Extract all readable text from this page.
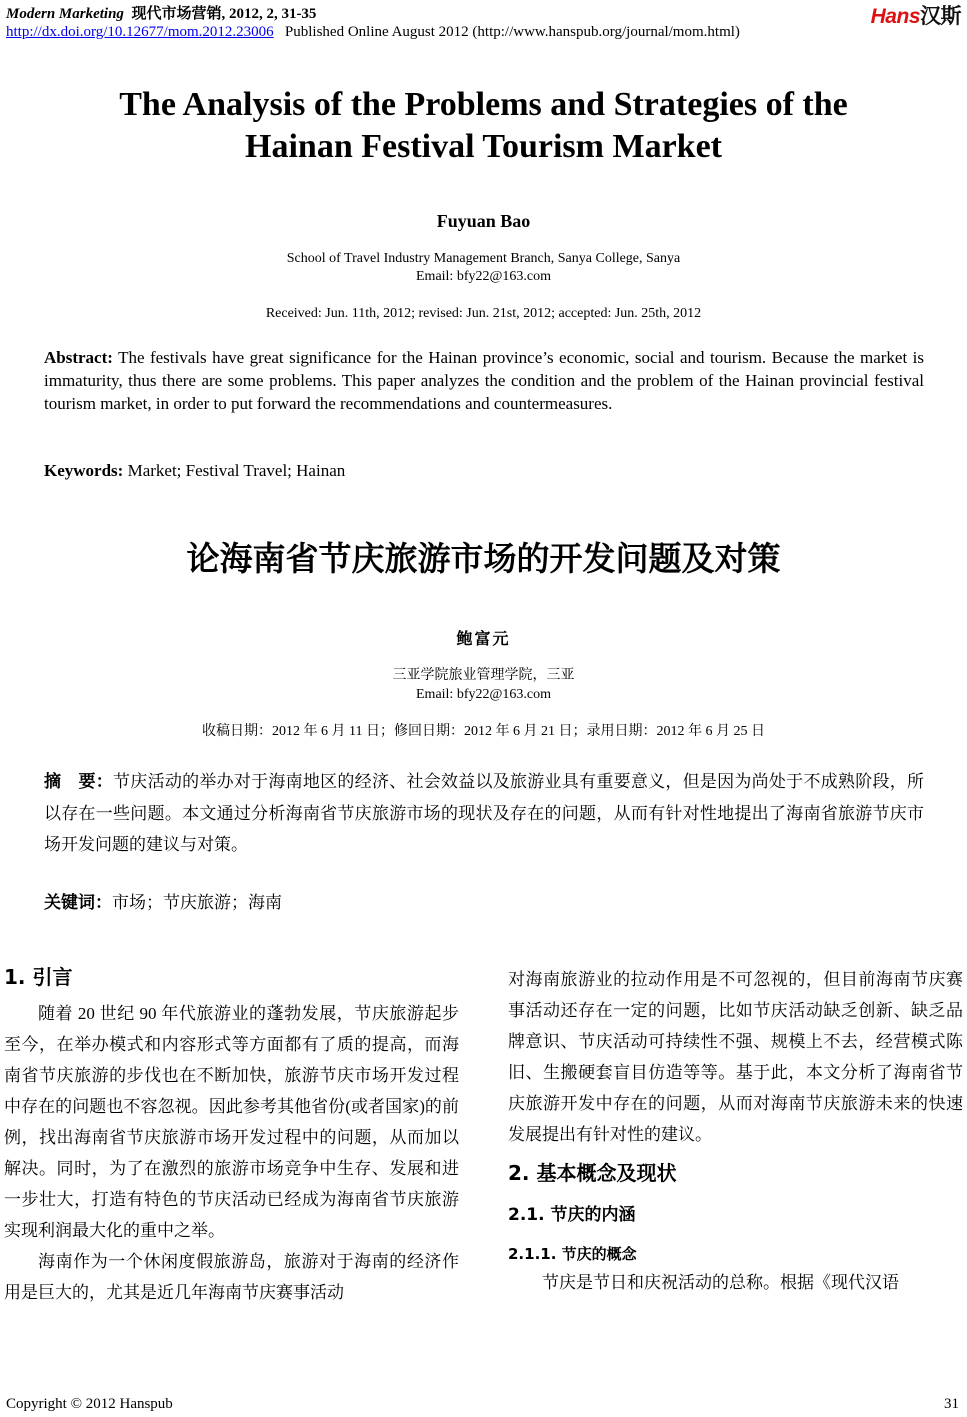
Modern Marketing 现代市场营销, 2012, 2, 31-35
http://dx.doi.org/10.12677/mom.2012.23006 Published Online August 2012 (http://www.hanspub.org/journal/mom.html)
Hans汉斯
The Analysis of the Problems and Strategies of the
Hainan Festival Tourism Market
Fuyuan Bao
School of Travel Industry Management Branch, Sanya College, Sanya
Email: bfy22@163.com
Received: Jun. 11th, 2012; revised: Jun. 21st, 2012; accepted: Jun. 25th, 2012
Abstract: The festivals have great significance for the Hainan province’s economic, social and tourism. Because the market is immaturity, thus there are some problems. This paper analyzes the condition and the problem of the Hainan provincial festival tourism market, in order to put forward the recommendations and countermeasures.
Keywords: Market; Festival Travel; Hainan
论海南省节庆旅游市场的开发问题及对策
鲍富元
三亚学院旅业管理学院，三亚
Email: bfy22@163.com
收稿日期：2012 年 6 月 11 日；修回日期：2012 年 6 月 21 日；录用日期：2012 年 6 月 25 日
摘　要：节庆活动的举办对于海南地区的经济、社会效益以及旅游业具有重要意义，但是因为尚处于不成熟阶段，所以存在一些问题。本文通过分析海南省节庆旅游市场的现状及存在的问题，从而有针对性地提出了海南省旅游节庆市场开发问题的建议与对策。
关键词：市场；节庆旅游；海南
1. 引言

随着 20 世纪 90 年代旅游业的蓬勃发展，节庆旅游起步至今，在举办模式和内容形式等方面都有了质的提高，而海南省节庆旅游的步伐也在不断加快，旅游节庆市场开发过程中存在的问题也不容忽视。因此参考其他省份(或者国家)的前例，找出海南省节庆旅游市场开发过程中的问题，从而加以解决。同时，为了在激烈的旅游市场竞争中生存、发展和进一步壮大，打造有特色的节庆活动已经成为海南省节庆旅游实现利润最大化的重中之举。

海南作为一个休闲度假旅游岛，旅游对于海南的经济作用是巨大的，尤其是近几年海南节庆赛事活动

对海南旅游业的拉动作用是不可忽视的，但目前海南节庆赛事活动还存在一定的问题，比如节庆活动缺乏创新、缺乏品牌意识、节庆活动可持续性不强、规模上不去，经营模式陈旧、生搬硬套盲目仿造等等。基于此，本文分析了海南省节庆旅游开发中存在的问题，从而对海南节庆旅游未来的快速发展提出有针对性的建议。

2. 基本概念及现状
2.1. 节庆的内涵
2.1.1. 节庆的概念

节庆是节日和庆祝活动的总称。根据《现代汉语

Copyright © 2012 Hanspub	31
